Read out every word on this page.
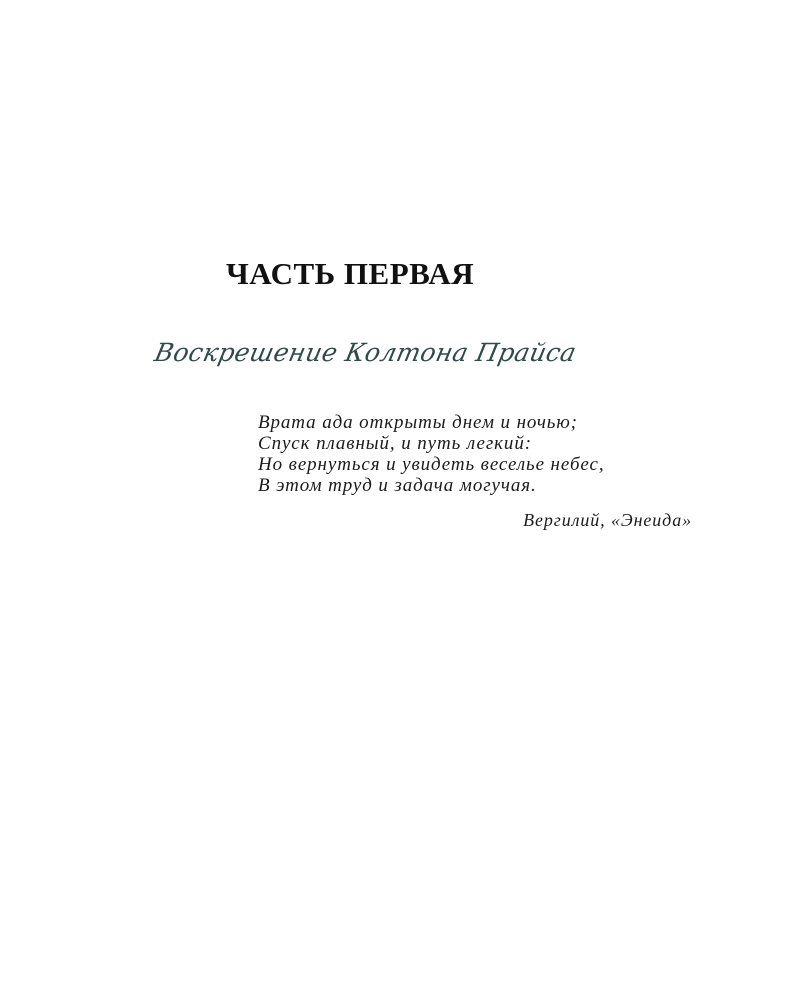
ЧАСТЬ ПЕРВАЯ
Воскрешение Колтона Прайса
Врата ада открыты днем и ночью;
Спуск плавный, и путь легкий:
Но вернуться и увидеть веселье небес,
В этом труд и задача могучая.
Вергилий, «Энеида»
